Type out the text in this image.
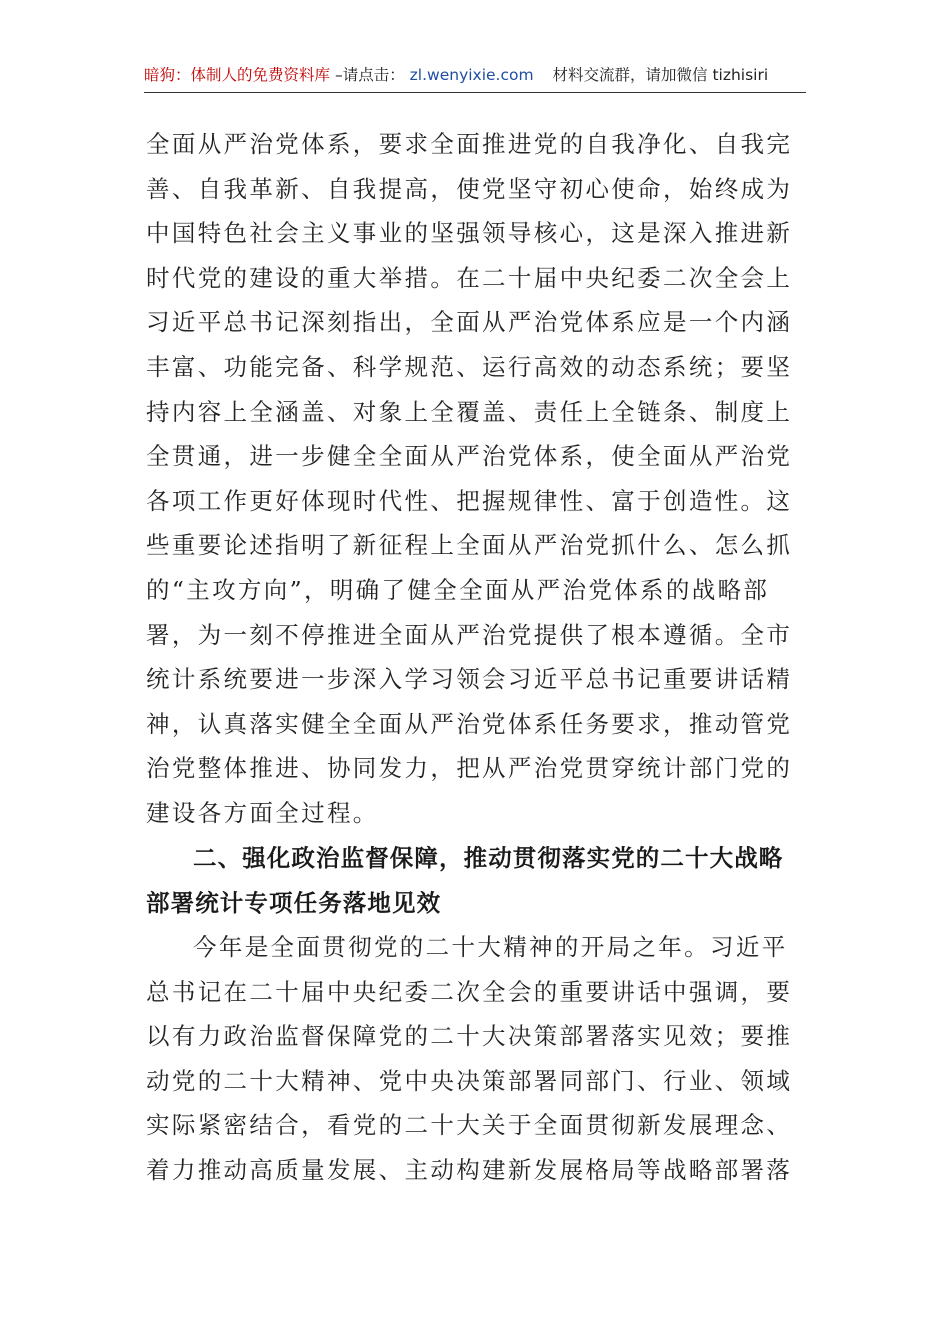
暗狗：体制人的免费资料库 –请点击： zl.wenyixie.com 材料交流群，请加微信 tizhisiri
全面从严治党体系，要求全面推进党的自我净化、自我完善、自我革新、自我提高，使党坚守初心使命，始终成为中国特色社会主义事业的坚强领导核心，这是深入推进新时代党的建设的重大举措。在二十届中央纪委二次全会上习近平总书记深刻指出，全面从严治党体系应是一个内涵丰富、功能完备、科学规范、运行高效的动态系统；要坚持内容上全涵盖、对象上全覆盖、责任上全链条、制度上全贯通，进一步健全全面从严治党体系，使全面从严治党各项工作更好体现时代性、把握规律性、富于创造性。这些重要论述指明了新征程上全面从严治党抓什么、怎么抓的“主攻方向”，明确了健全全面从严治党体系的战略部署，为一刻不停推进全面从严治党提供了根本遵循。全市统计系统要进一步深入学习领会习近平总书记重要讲话精神，认真落实健全全面从严治党体系任务要求，推动管党治党整体推进、协同发力，把从严治党贯穿统计部门党的建设各方面全过程。
二、强化政治监督保障，推动贯彻落实党的二十大战略部署统计专项任务落地见效
今年是全面贯彻党的二十大精神的开局之年。习近平总书记在二十届中央纪委二次全会的重要讲话中强调，要以有力政治监督保障党的二十大决策部署落实见效；要推动党的二十大精神、党中央决策部署同部门、行业、领域实际紧密结合，看党的二十大关于全面贯彻新发展理念、着力推动高质量发展、主动构建新发展格局等战略部署落
